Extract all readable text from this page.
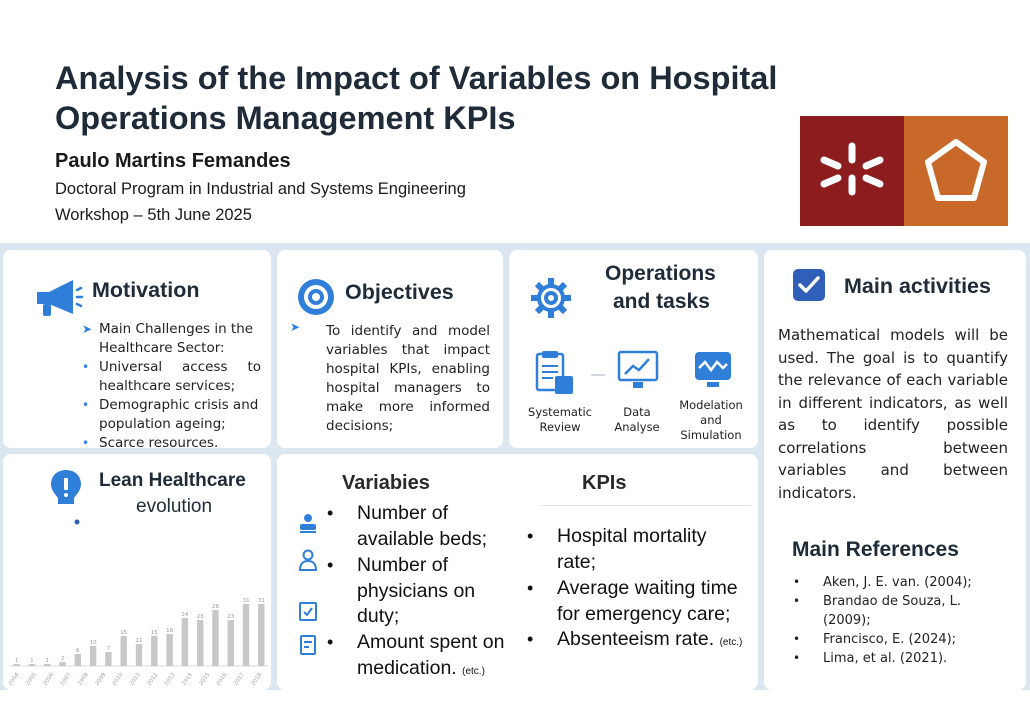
Analysis of the Impact of Variables on Hospital Operations Management KPIs
Paulo Martins Femandes
Doctoral Program in Industrial and Systems Engineering
Workshop – 5th June 2025
Motivation
➤ Main Challenges in the Healthcare Sector:
• Universal access to healthcare services;
• Demographic crisis and population ageing;
• Scarce resources.
Objectives
➤ To identify and model variables that impact hospital KPIs, enabling hospital managers to make more informed decisions;
Operations
and tasks
Systematic
Review
Data
Analyse
Modelation
and
Simulation
Main activities
Mathematical models will be used. The goal is to quantify the relevance of each variable in different indicators, as well as to identify possible correlations between variables and between indicators.
Main References
• Aken, J. E. van. (2004);
• Brandao de Souza, L. (2009);
• Francisco, E. (2024);
• Lima, et al. (2021).
Lean Healthcare
evolution
1 1 1 2
6
10
7
15
11
15 16
24 23
28
23
31 31
2004 2005 2006 2007 2008 2009 2010 2011 2012 2013 2014 2015 2016 2017 2018
Variabies	KPIs
• Number of available beds;
• Number of physicians on duty;
• Amount spent on medication. (etc.)
• Hospital mortality rate;
• Average waiting time for emergency care;
• Absenteeism rate. (etc.)
